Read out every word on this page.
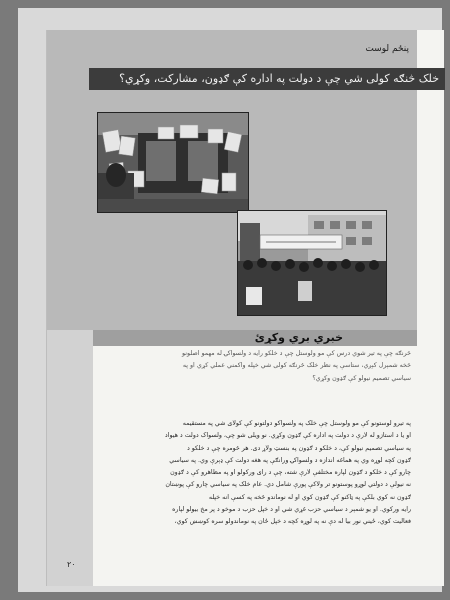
پنځم لوست
خلک څنګه کولی شي چې د دولت په اداره کې ګډون، مشارکت، وکړي؟
خبري بري وکړئ
څرنګه چې په تیر شوي درس کې مو ولوستل چې د خلکو رایه د ولسواکۍ له مهمو اصلونو
څخه شمېرل کېږي، ستاسې په نظر خلک څرنګه کولی شي خپله واکمني عملي کړي او په
سیاسي تصمیم نیولو کې ګډون وکړي؟
په تیرو لوستونو کې مو ولوستل چې خلک په ولسواکو دولتونو کې کولای شي په مستقیمه
او یا د استازو له لارې د دولت په اداره کې ګډون وکړي. نو ویلی شو چې، ولسواک دولت د هیواد
په سیاسي تصمیم نیولو کې، د خلکو د ګډون په بنسټ ولاړ دی. هر څومره چې د خلکو د
ګډون کچه لوړه وي په هماغه اندازه د ولسواکۍ ورانګې په هغه دولت کې ډېرې وي. په سیاسي
چارو کې د خلکو د ګډون لپاره مختلفې لارې شته، چې د رای ورکولو او په مظاهرو کې د ګډون
نه نیولې د دولتي لوړو پوستونو تر ولاکې پورې شامل دي. عام خلک په سیاسي چارو کې پوښتان
ګډون نه کوي بلکې په ټاکنو کې ګډون کوي او له نوماندو څخه په کسې انه خپله
رایه ورکوي. او یو شمېر د سیاسي حزب غړي شي او د خپل حزب د موخو د پر مخ بیولو لپاره
فعالیت کوي، ځیني نور بیا له دې نه په لوړه کچه د خپل ځان په نوماندولو سره کوښښ کوي،
۲۰
